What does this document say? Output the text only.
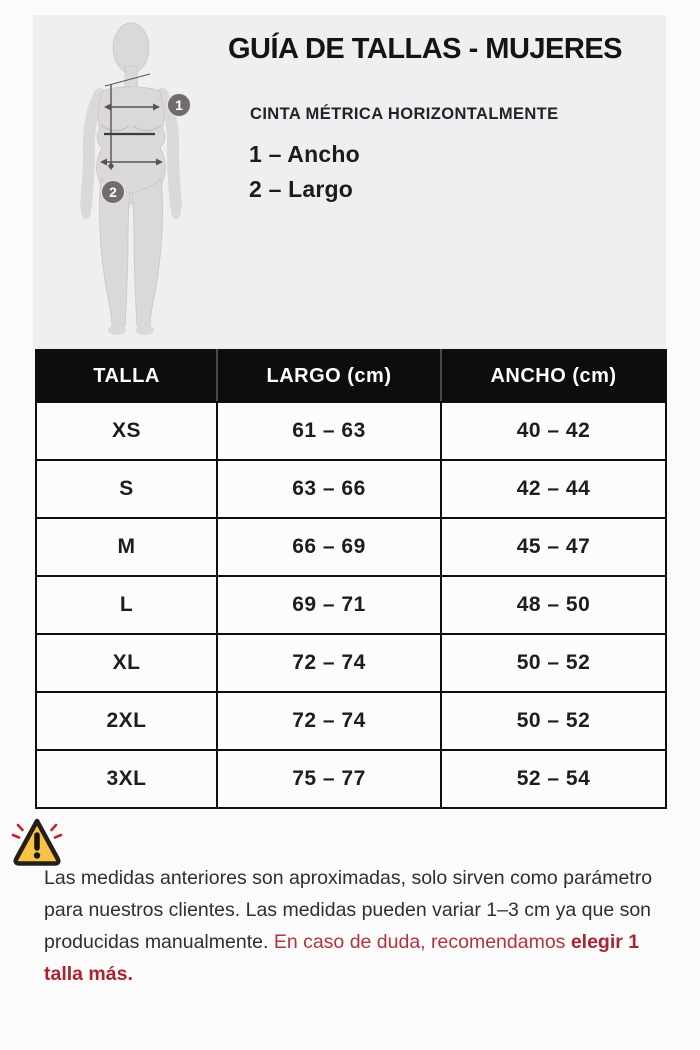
1
2
GUÍA DE TALLAS - MUJERES
CINTA MÉTRICA HORIZONTALMENTE
1 – Ancho
2 – Largo
TALLA	LARGO (cm)	ANCHO (cm)
XS	61 – 63	40 – 42
S	63 – 66	42 – 44
M	66 – 69	45 – 47
L	69 – 71	48 – 50
XL	72 – 74	50 – 52
2XL	72 – 74	50 – 52
3XL	75 – 77	52 – 54

Las medidas anteriores son aproximadas, solo sirven como parámetro para nuestros clientes. Las medidas pueden variar 1–3 cm ya que son producidas manualmente. En caso de duda, recomendamos elegir 1 talla más.
